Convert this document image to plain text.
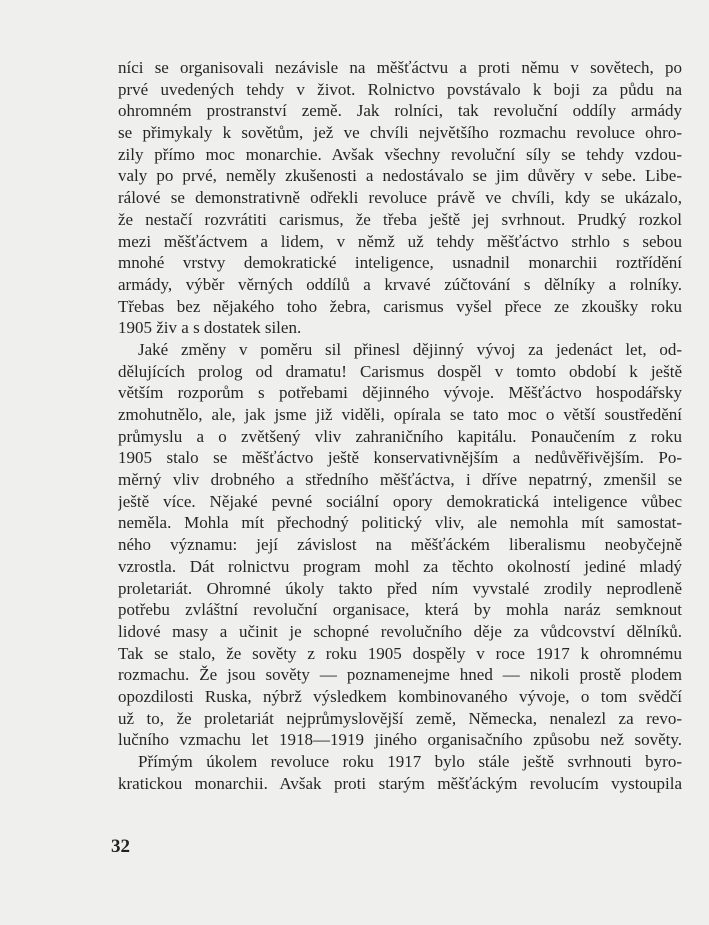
níci se organisovali nezávisle na měšťáctvu a proti němu v sovětech, po
prvé uvedených tehdy v život. Rolnictvo povstávalo k boji za půdu na
ohromném prostranství země. Jak rolníci, tak revoluční oddíly armády
se přimykaly k sovětům, jež ve chvíli největšího rozmachu revoluce ohro-
zily přímo moc monarchie. Avšak všechny revoluční síly se tehdy vzdou-
valy po prvé, neměly zkušenosti a nedostávalo se jim důvěry v sebe. Libe-
rálové se demonstrativně odřekli revoluce právě ve chvíli, kdy se ukázalo,
že nestačí rozvrátiti carismus, že třeba ještě jej svrhnout. Prudký rozkol
mezi měšťáctvem a lidem, v němž už tehdy měšťáctvo strhlo s sebou
mnohé vrstvy demokratické inteligence, usnadnil monarchii roztřídění
armády, výběr věrných oddílů a krvavé zúčtování s dělníky a rolníky.
Třebas bez nějakého toho žebra, carismus vyšel přece ze zkoušky roku
1905 živ a s dostatek silen.
Jaké změny v poměru sil přinesl dějinný vývoj za jedenáct let, od-
dělujících prolog od dramatu! Carismus dospěl v tomto období k ještě
větším rozporům s potřebami dějinného vývoje. Měšťáctvo hospodářsky
zmohutnělo, ale, jak jsme již viděli, opírala se tato moc o větší soustředění
průmyslu a o zvětšený vliv zahraničního kapitálu. Ponaučením z roku
1905 stalo se měšťáctvo ještě konservativnějším a nedůvěřivějším. Po-
měrný vliv drobného a středního měšťáctva, i dříve nepatrný, zmenšil se
ještě více. Nějaké pevné sociální opory demokratická inteligence vůbec
neměla. Mohla mít přechodný politický vliv, ale nemohla mít samostat-
ného významu: její závislost na měšťáckém liberalismu neobyčejně
vzrostla. Dát rolnictvu program mohl za těchto okolností jediné mladý
proletariát. Ohromné úkoly takto před ním vyvstalé zrodily neprodleně
potřebu zvláštní revoluční organisace, která by mohla naráz semknout
lidové masy a učinit je schopné revolučního děje za vůdcovství dělníků.
Tak se stalo, že sověty z roku 1905 dospěly v roce 1917 k ohromnému
rozmachu. Že jsou sověty — poznamenejme hned — nikoli prostě plodem
opozdilosti Ruska, nýbrž výsledkem kombinovaného vývoje, o tom svědčí
už to, že proletariát nejprůmyslovější země, Německa, nenalezl za revo-
lučního vzmachu let 1918—1919 jiného organisačního způsobu než sověty.
Přímým úkolem revoluce roku 1917 bylo stále ještě svrhnouti byro-
kratickou monarchii. Avšak proti starým měšťáckým revolucím vystoupila
32
